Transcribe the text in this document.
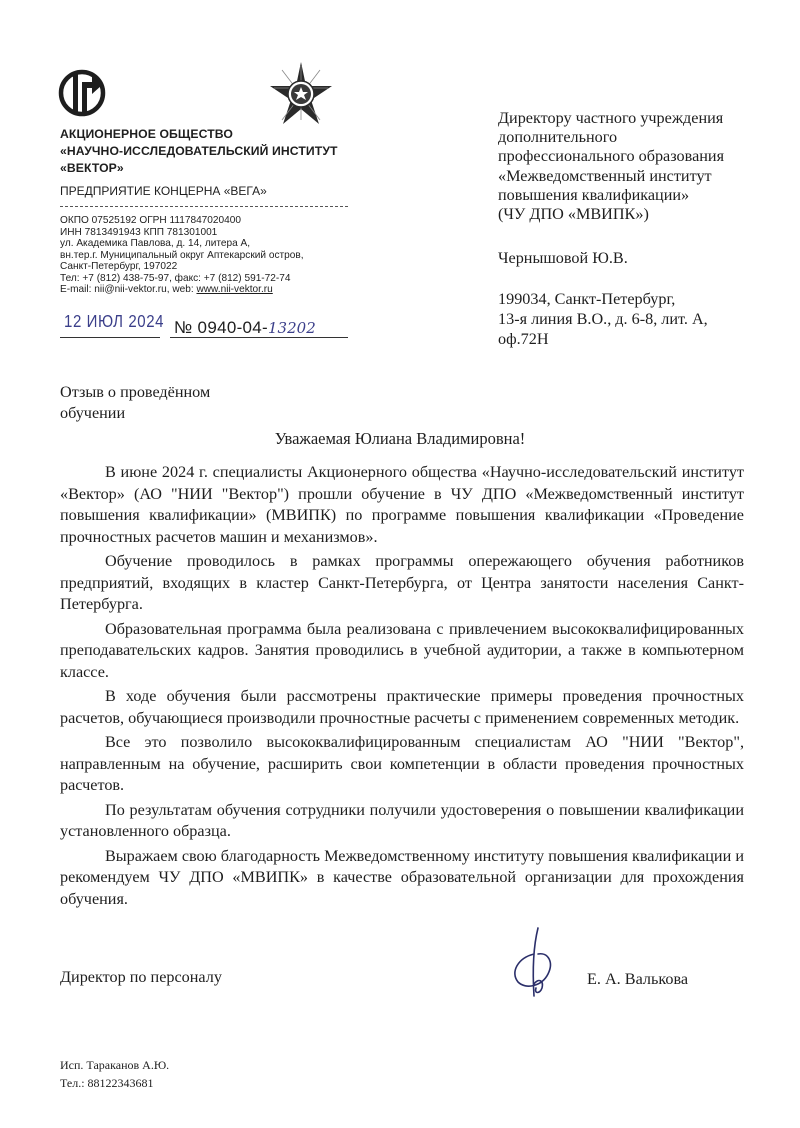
АКЦИОНЕРНОЕ ОБЩЕСТВО
«НАУЧНО-ИССЛЕДОВАТЕЛЬСКИЙ ИНСТИТУТ
«ВЕКТОР»
ПРЕДПРИЯТИЕ КОНЦЕРНА «ВЕГА»
ОКПО 07525192 ОГРН 1117847020400
ИНН 7813491943 КПП 781301001
ул. Академика Павлова, д. 14, литера А,
вн.тер.г. Муниципальный округ Аптекарский остров,
Санкт-Петербург, 197022
Тел: +7 (812) 438-75-97, факс: +7 (812) 591-72-74
E-mail: nii@nii-vektor.ru, web: www.nii-vektor.ru
12 ИЮЛ 2024 № 0940-04-13202
Директору частного учреждения
дополнительного
профессионального образования
«Межведомственный институт
повышения квалификации»
(ЧУ ДПО «МВИПК»)
Чернышовой Ю.В.
199034, Санкт-Петербург,
13-я линия В.О., д. 6-8, лит. А,
оф.72Н
Отзыв о проведённом
обучении
Уважаемая Юлиана Владимировна!

В июне 2024 г. специалисты Акционерного общества «Научно-исследовательский институт «Вектор» (АО "НИИ "Вектор") прошли обучение в ЧУ ДПО «Межведомственный институт повышения квалификации» (МВИПК) по программе повышения квалификации «Проведение прочностных расчетов машин и механизмов».

Обучение проводилось в рамках программы опережающего обучения работников предприятий, входящих в кластер Санкт-Петербурга, от Центра занятости населения Санкт-Петербурга.

Образовательная программа была реализована с привлечением высококвалифицированных преподавательских кадров. Занятия проводились в учебной аудитории, а также в компьютерном классе.

В ходе обучения были рассмотрены практические примеры проведения прочностных расчетов, обучающиеся производили прочностные расчеты с применением современных методик.

Все это позволило высококвалифицированным специалистам АО "НИИ "Вектор", направленным на обучение, расширить свои компетенции в области проведения прочностных расчетов.

По результатам обучения сотрудники получили удостоверения о повышении квалификации установленного образца.

Выражаем свою благодарность Межведомственному институту повышения квалификации и рекомендуем ЧУ ДПО «МВИПК» в качестве образовательной организации для прохождения обучения.

Директор по персоналу	Е. А. Валькова
Исп. Тараканов А.Ю.
Тел.: 88122343681
